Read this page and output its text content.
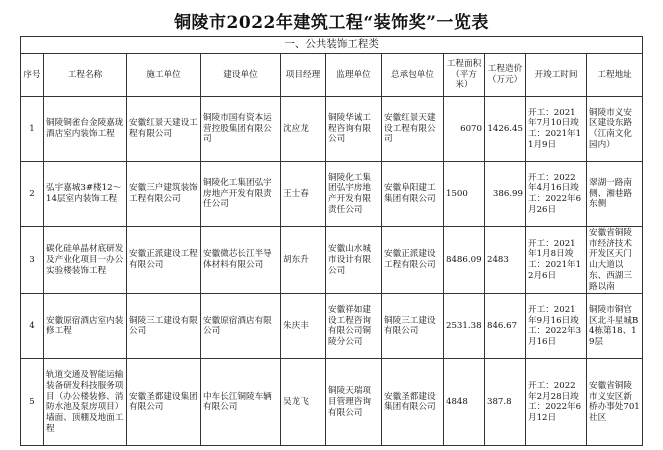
铜陵市2022年建筑工程“装饰奖”一览表
一、公共装饰工程类										
序号	工程名称	施工单位	建设单位	项目经理	监理单位	总承包单位	工程面积（平方米）	工程造价（万元）	开竣工时间	工程地址
1	铜陵铜雀台金陵嘉珑酒店室内装饰工程	安徽红景天建设工程有限公司	铜陵市国有资本运营控股集团有限公司	沈应龙	铜陵华诚工程咨询有限公司	安徽红景天建设工程有限公司	6070	1426.45	开工：2021年7月10日竣工：2021年11月9日	铜陵市义安区建设东路（江南文化园内）
2	弘宇嘉城3#楼12～14层室内装饰工程	安徽三户建筑装饰工程有限公司	铜陵化工集团弘宇房地产开发有限责任公司	王士春	铜陵化工集团弘宇房地产开发有限责任公司	安徽阜阳建工集团有限公司	1500	386.99	开工：2022年4月16日竣工：2022年6月26日	翠湖一路南侧、湘巷路东侧
3	碳化硅单晶材底研发及产业化项目一办公实验楼装饰工程	安徽正派建设工程有限公司	安徽微芯长江半导体材料有限公司	胡东升	安徽山水城市设计有限公司	安徽正派建设工程有限公司	8486.09	2483	开工：2021年1月8日竣工：2021年12月6日	安徽省铜陵市经济技术开发区天门山大道以东、西湖三路以南
4	安徽原宿酒店室内装修工程	铜陵三工建设有限公司	安徽原宿酒店有限公司	朱庆丰	安徽祥如建设工程咨询有限公司铜陵分公司	铜陵三工建设有限公司	2531.38	846.67	开工：2021年9月16日竣工：2022年3月16日	铜陵市铜官区北斗星城B4栋第18、19层
5	轨道交通及智能运输装备研发科技服务项目（办公楼装修、消防水池及泵房项目）墙面、顶棚及地面工程	安徽圣都建设集团有限公司	中车长江铜陵车辆有限公司	吴龙飞	铜陵天瑞项目管理咨询有限公司	安徽圣都建设集团有限公司	4848	387.8	开工：2022年2月28日竣工：2022年6月12日	安徽省铜陵市义安区新桥办事处701社区
